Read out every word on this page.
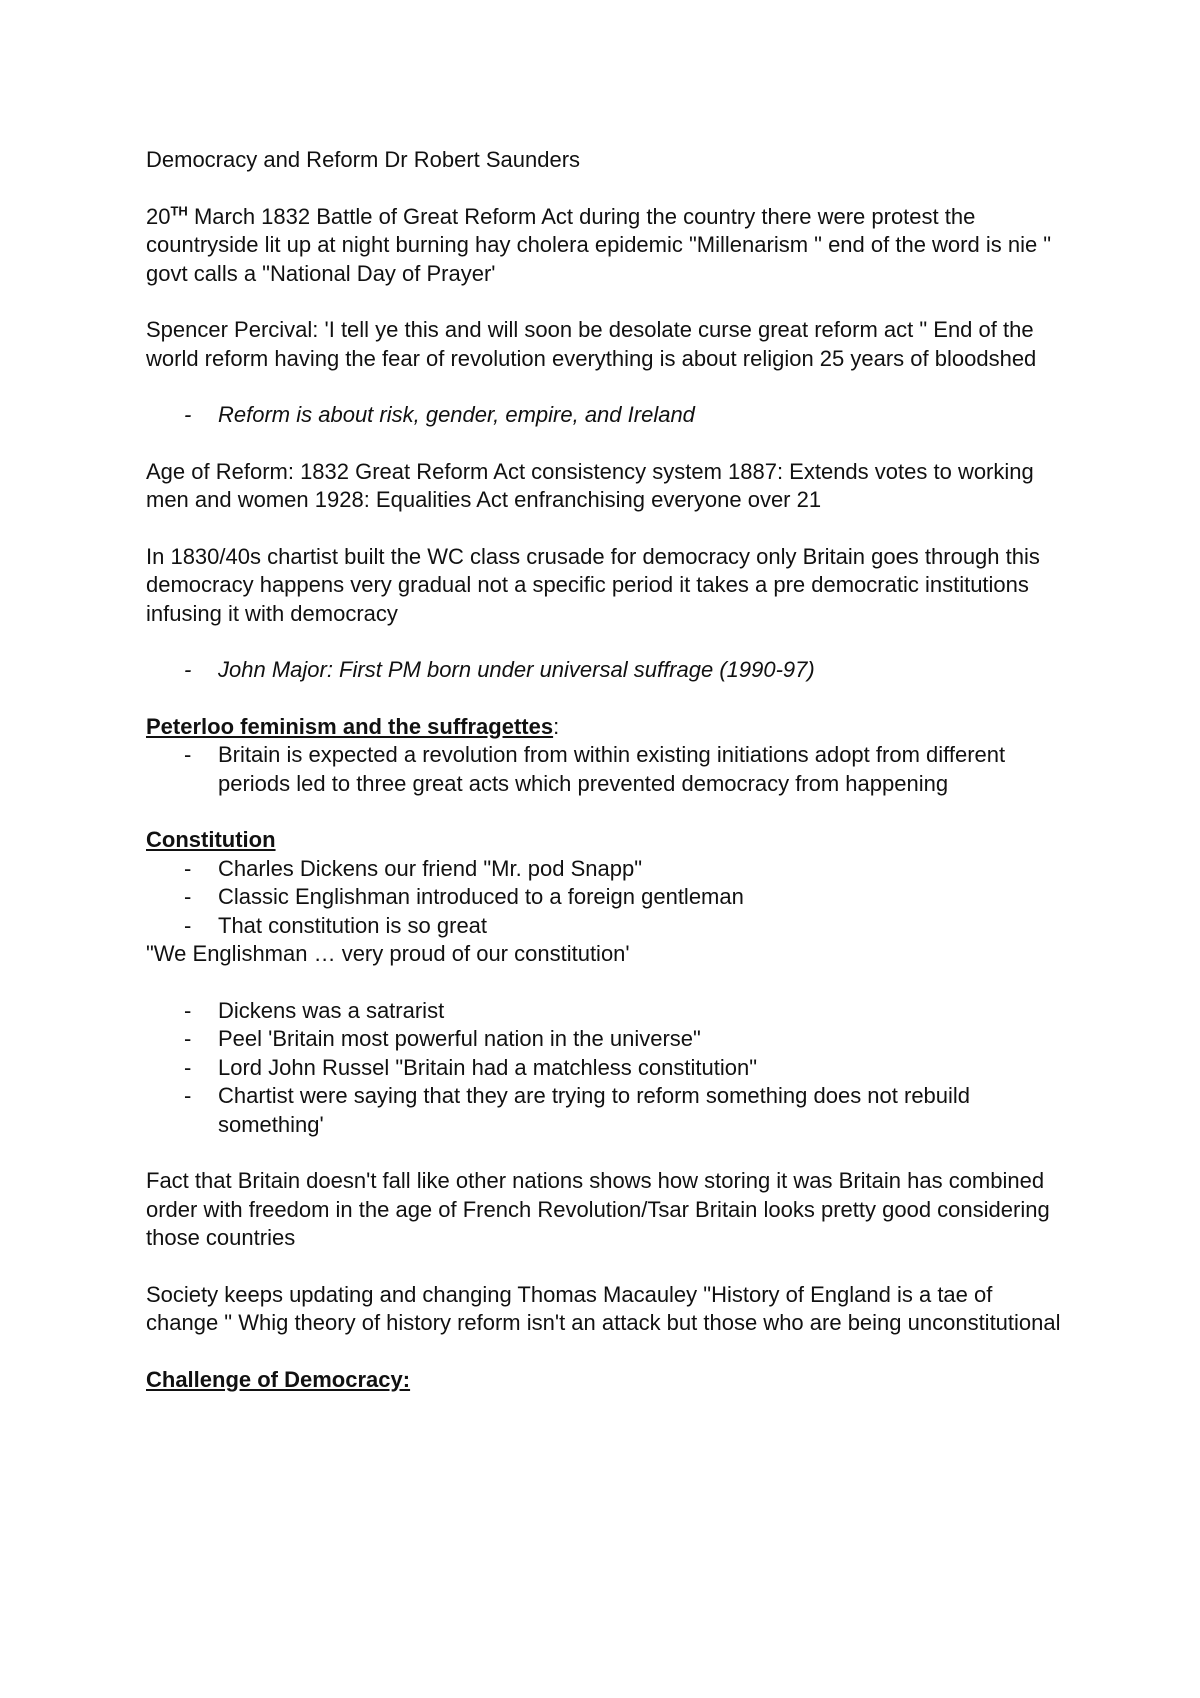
Democracy and Reform Dr Robert Saunders

20TH March 1832 Battle of Great Reform Act during the country there were protest the countryside lit up at night burning hay cholera epidemic "Millenarism " end of the word is nie " govt calls a "National Day of Prayer'

Spencer Percival: 'I tell ye this and will soon be desolate curse great reform act " End of the world reform having the fear of revolution everything is about religion 25 years of bloodshed

- Reform is about risk, gender, empire, and Ireland

Age of Reform: 1832 Great Reform Act consistency system 1887: Extends votes to working men and women 1928: Equalities Act enfranchising everyone over 21

In 1830/40s chartist built the WC class crusade for democracy only Britain goes through this democracy happens very gradual not a specific period it takes a pre democratic institutions infusing it with democracy

- John Major: First PM born under universal suffrage (1990-97)

Peterloo feminism and the suffragettes:

- Britain is expected a revolution from within existing initiations adopt from different periods led to three great acts which prevented democracy from happening

Constitution

- Charles Dickens our friend "Mr. pod Snapp"
- Classic Englishman introduced to a foreign gentleman
- That constitution is so great

"We Englishman … very proud of our constitution'

- Dickens was a satrarist
- Peel 'Britain most powerful nation in the universe"
- Lord John Russel "Britain had a matchless constitution"
- Chartist were saying that they are trying to reform something does not rebuild something'

Fact that Britain doesn't fall like other nations shows how storing it was Britain has combined order with freedom in the age of French Revolution/Tsar Britain looks pretty good considering those countries

Society keeps updating and changing Thomas Macauley "History of England is a tae of change " Whig theory of history reform isn't an attack but those who are being unconstitutional

Challenge of Democracy:
